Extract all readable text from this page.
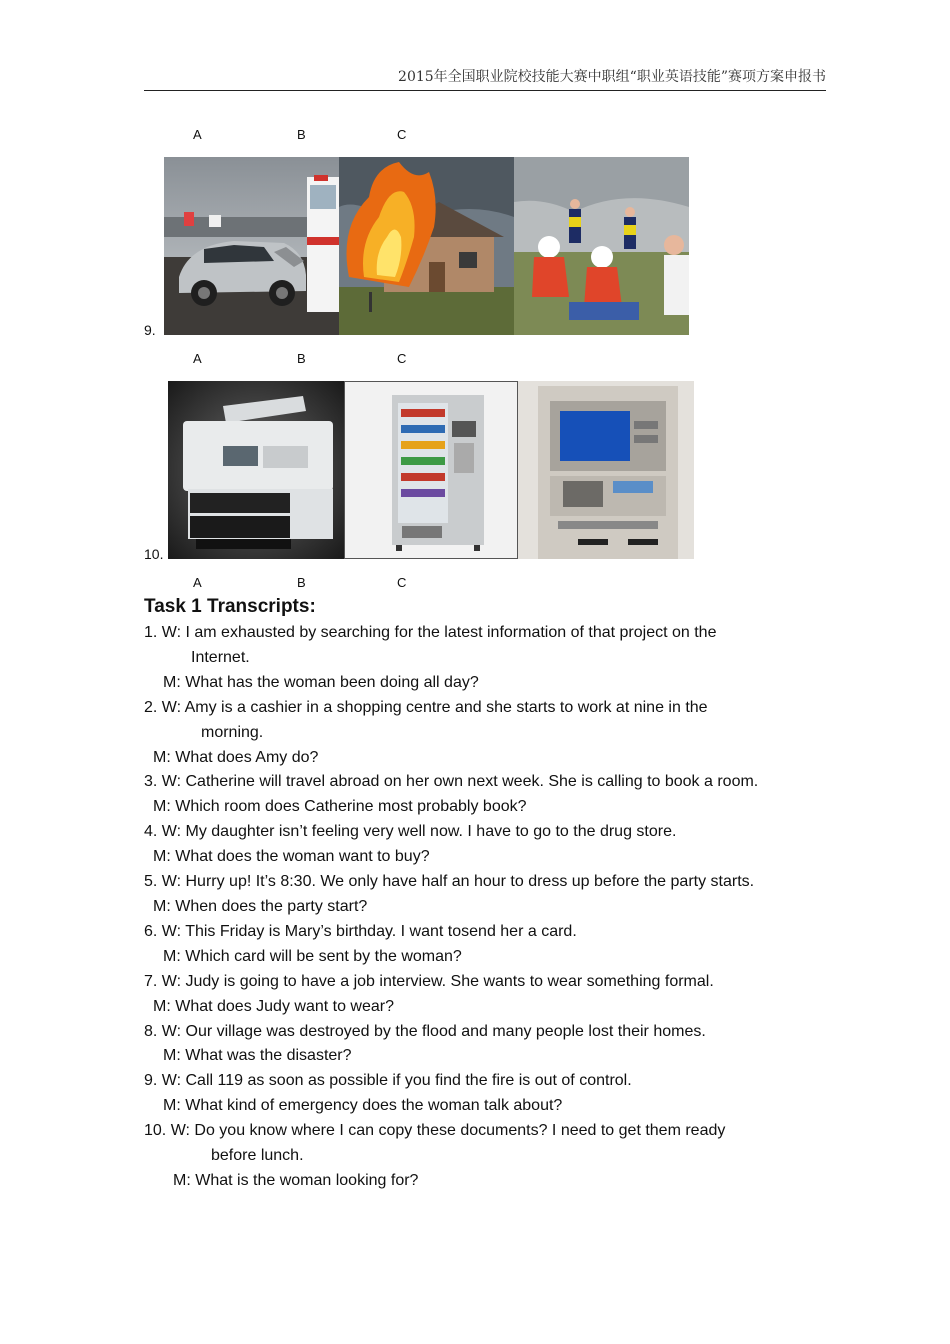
2015年全国职业院校技能大赛中职组“职业英语技能”赛项方案申报书
A	B	C
9.
A	B	C
10.
A	B	C
Task 1 Transcripts:

1. W: I am exhausted by searching for the latest information of that project on the

Internet.

M: What has the woman been doing all day?

2. W: Amy is a cashier in a shopping centre and she starts to work at nine in the

morning.

M: What does Amy do?

3. W: Catherine will travel abroad on her own next week. She is calling to book a room.

M: Which room does Catherine most probably book?

4. W: My daughter isn’t feeling very well now. I have to go to the drug store.

M: What does the woman want to buy?

5. W: Hurry up! It’s 8:30. We only have half an hour to dress up before the party starts.

M: When does the party start?

6. W: This Friday is Mary’s birthday. I want tosend her a card.

M: Which card will be sent by the woman?

7. W: Judy is going to have a job interview. She wants to wear something formal.

M: What does Judy want to wear?

8. W: Our village was destroyed by the flood and many people lost their homes.

M: What was the disaster?

9. W: Call 119 as soon as possible if you find the fire is out of control.

M: What kind of emergency does the woman talk about?

10. W: Do you know where I can copy these documents? I need to get them ready

before lunch.

M: What is the woman looking for?
